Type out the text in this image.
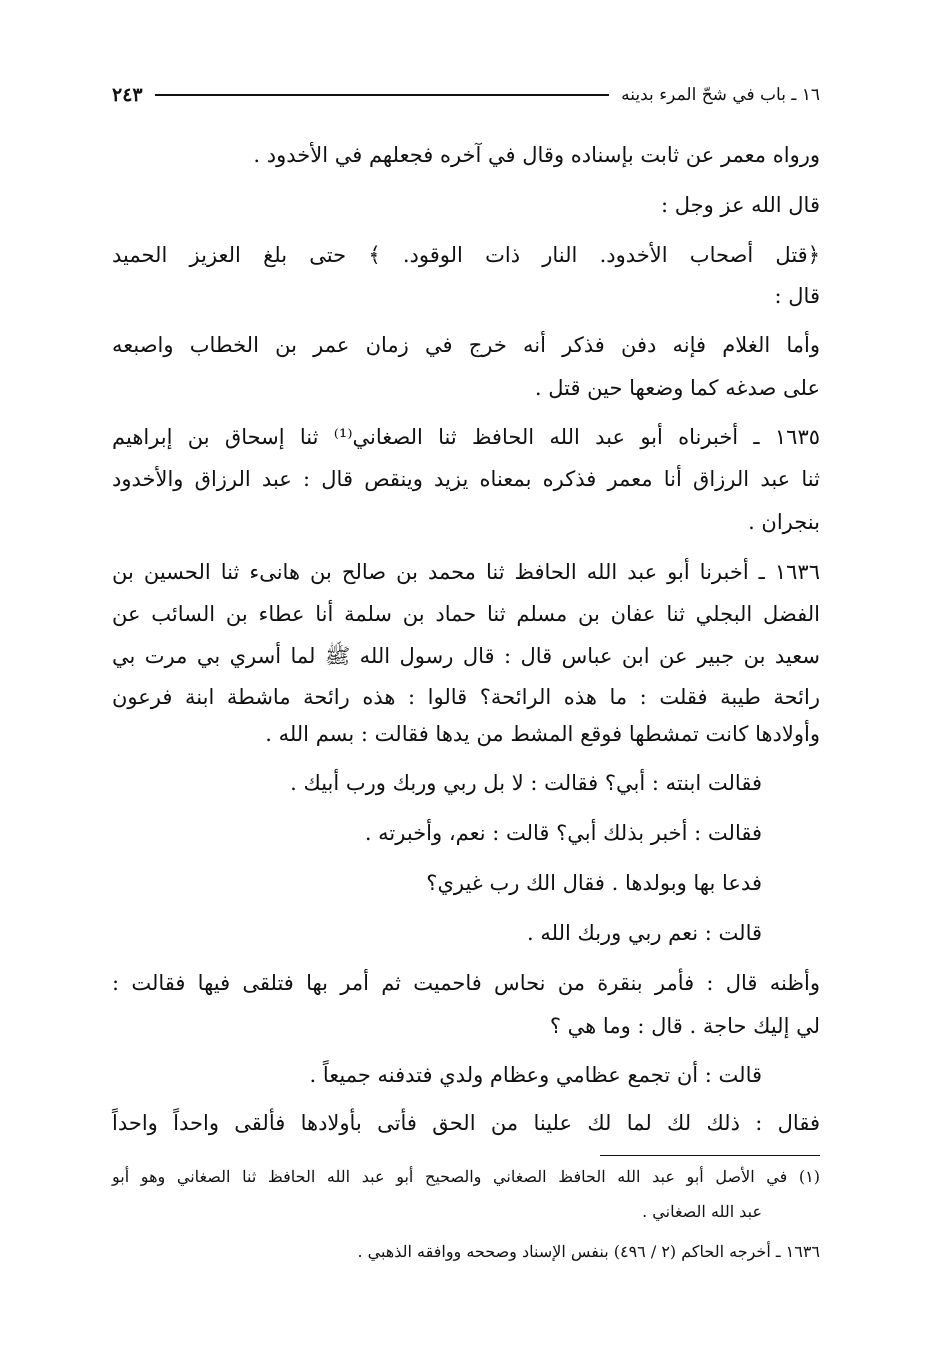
١٦ ـ باب في شحّ المرء بدينه
٢٤٣
ورواه معمر عن ثابت بإسناده وقال في آخره فجعلهم في الأخدود .
قال الله عز وجل :
﴿قتل أصحاب الأخدود. النار ذات الوقود. ﴾ حتى بلغ العزيز الحميد
قال :
وأما الغلام فإنه دفن فذكر أنه خرج في زمان عمر بن الخطاب واصبعه
على صدغه كما وضعها حين قتل .
١٦٣٥ ـ أخبرناه أبو عبد الله الحافظ ثنا الصغاني⁽¹⁾ ثنا إسحاق بن إبراهيم
ثنا عبد الرزاق أنا معمر فذكره بمعناه يزيد وينقص قال : عبد الرزاق والأخدود
بنجران .
١٦٣٦ ـ أخبرنا أبو عبد الله الحافظ ثنا محمد بن صالح بن هانىء ثنا الحسين بن
الفضل البجلي ثنا عفان بن مسلم ثنا حماد بن سلمة أنا عطاء بن السائب عن
سعيد بن جبير عن ابن عباس قال : قال رسول الله ﷺ لما أسري بي مرت بي
رائحة طيبة فقلت : ما هذه الرائحة؟ قالوا : هذه رائحة ماشطة ابنة فرعون
وأولادها كانت تمشطها فوقع المشط من يدها فقالت : بسم الله .
فقالت ابنته : أبي؟ فقالت : لا بل ربي وربك ورب أبيك .
فقالت : أخبر بذلك أبي؟ قالت : نعم، وأخبرته .
فدعا بها وبولدها . فقال الك رب غيري؟
قالت : نعم ربي وربك الله .
وأظنه قال : فأمر بنقرة من نحاس فاحميت ثم أمر بها فتلقى فيها فقالت :
لي إليك حاجة . قال : وما هي ؟
قالت : أن تجمع عظامي وعظام ولدي فتدفنه جميعاً .
فقال : ذلك لك لما لك علينا من الحق فأتى بأولادها فألقى واحداً واحداً
(١) في الأصل أبو عبد الله الحافظ الصغاني والصحيح أبو عبد الله الحافظ ثنا الصغاني وهو أبو
عبد الله الصغاني .
١٦٣٦ ـ أخرجه الحاكم (٢ / ٤٩٦) بنفس الإسناد وصححه ووافقه الذهبي .
